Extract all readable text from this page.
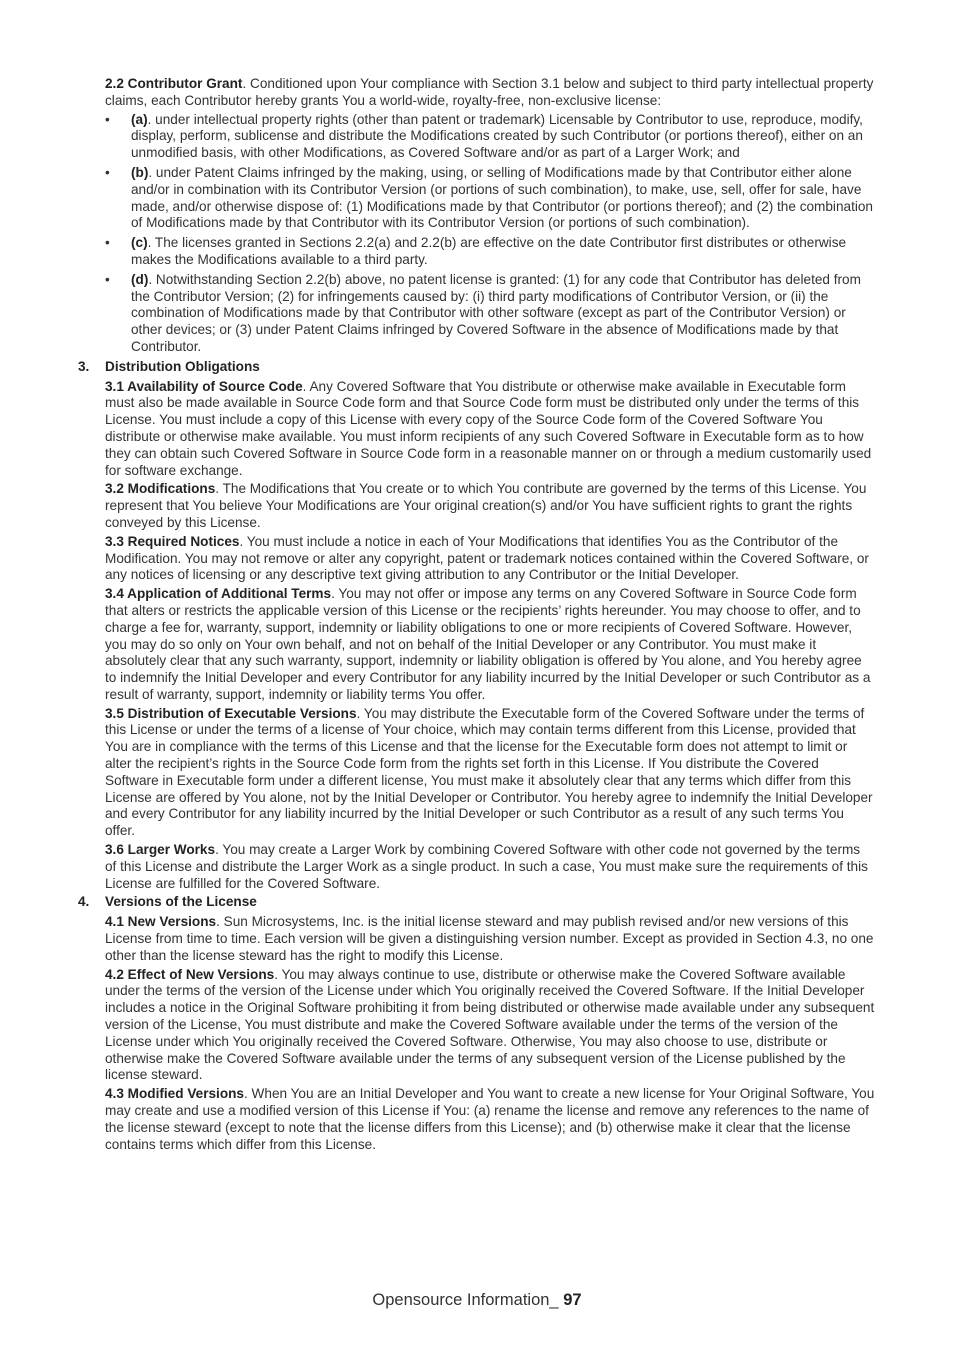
2.2 Contributor Grant. Conditioned upon Your compliance with Section 3.1 below and subject to third party intellectual property claims, each Contributor hereby grants You a world-wide, royalty-free, non-exclusive license:

• (a). under intellectual property rights (other than patent or trademark) Licensable by Contributor to use, reproduce, modify, display, perform, sublicense and distribute the Modifications created by such Contributor (or portions thereof), either on an unmodified basis, with other Modifications, as Covered Software and/or as part of a Larger Work; and
• (b). under Patent Claims infringed by the making, using, or selling of Modifications made by that Contributor either alone and/or in combination with its Contributor Version (or portions of such combination), to make, use, sell, offer for sale, have made, and/or otherwise dispose of: (1) Modifications made by that Contributor (or portions thereof); and (2) the combination of Modifications made by that Contributor with its Contributor Version (or portions of such combination).
• (c). The licenses granted in Sections 2.2(a) and 2.2(b) are effective on the date Contributor first distributes or otherwise makes the Modifications available to a third party.
• (d). Notwithstanding Section 2.2(b) above, no patent license is granted: (1) for any code that Contributor has deleted from the Contributor Version; (2) for infringements caused by: (i) third party modifications of Contributor Version, or (ii) the combination of Modifications made by that Contributor with other software (except as part of the Contributor Version) or other devices; or (3) under Patent Claims infringed by Covered Software in the absence of Modifications made by that Contributor.
3. Distribution Obligations

3.1 Availability of Source Code. Any Covered Software that You distribute or otherwise make available in Executable form must also be made available in Source Code form and that Source Code form must be distributed only under the terms of this License. You must include a copy of this License with every copy of the Source Code form of the Covered Software You distribute or otherwise make available. You must inform recipients of any such Covered Software in Executable form as to how they can obtain such Covered Software in Source Code form in a reasonable manner on or through a medium customarily used for software exchange.

3.2 Modifications. The Modifications that You create or to which You contribute are governed by the terms of this License. You represent that You believe Your Modifications are Your original creation(s) and/or You have sufficient rights to grant the rights conveyed by this License.

3.3 Required Notices. You must include a notice in each of Your Modifications that identifies You as the Contributor of the Modification. You may not remove or alter any copyright, patent or trademark notices contained within the Covered Software, or any notices of licensing or any descriptive text giving attribution to any Contributor or the Initial Developer.

3.4 Application of Additional Terms. You may not offer or impose any terms on any Covered Software in Source Code form that alters or restricts the applicable version of this License or the recipients’ rights hereunder. You may choose to offer, and to charge a fee for, warranty, support, indemnity or liability obligations to one or more recipients of Covered Software. However, you may do so only on Your own behalf, and not on behalf of the Initial Developer or any Contributor. You must make it absolutely clear that any such warranty, support, indemnity or liability obligation is offered by You alone, and You hereby agree to indemnify the Initial Developer and every Contributor for any liability incurred by the Initial Developer or such Contributor as a result of warranty, support, indemnity or liability terms You offer.

3.5 Distribution of Executable Versions. You may distribute the Executable form of the Covered Software under the terms of this License or under the terms of a license of Your choice, which may contain terms different from this License, provided that You are in compliance with the terms of this License and that the license for the Executable form does not attempt to limit or alter the recipient’s rights in the Source Code form from the rights set forth in this License. If You distribute the Covered Software in Executable form under a different license, You must make it absolutely clear that any terms which differ from this License are offered by You alone, not by the Initial Developer or Contributor. You hereby agree to indemnify the Initial Developer and every Contributor for any liability incurred by the Initial Developer or such Contributor as a result of any such terms You offer.

3.6 Larger Works. You may create a Larger Work by combining Covered Software with other code not governed by the terms of this License and distribute the Larger Work as a single product. In such a case, You must make sure the requirements of this License are fulfilled for the Covered Software.

4. Versions of the License

4.1 New Versions. Sun Microsystems, Inc. is the initial license steward and may publish revised and/or new versions of this License from time to time. Each version will be given a distinguishing version number. Except as provided in Section 4.3, no one other than the license steward has the right to modify this License.

4.2 Effect of New Versions. You may always continue to use, distribute or otherwise make the Covered Software available under the terms of the version of the License under which You originally received the Covered Software. If the Initial Developer includes a notice in the Original Software prohibiting it from being distributed or otherwise made available under any subsequent version of the License, You must distribute and make the Covered Software available under the terms of the version of the License under which You originally received the Covered Software. Otherwise, You may also choose to use, distribute or otherwise make the Covered Software available under the terms of any subsequent version of the License published by the license steward.

4.3 Modified Versions. When You are an Initial Developer and You want to create a new license for Your Original Software, You may create and use a modified version of this License if You: (a) rename the license and remove any references to the name of the license steward (except to note that the license differs from this License); and (b) otherwise make it clear that the license contains terms which differ from this License.

Opensource Information_ 97
